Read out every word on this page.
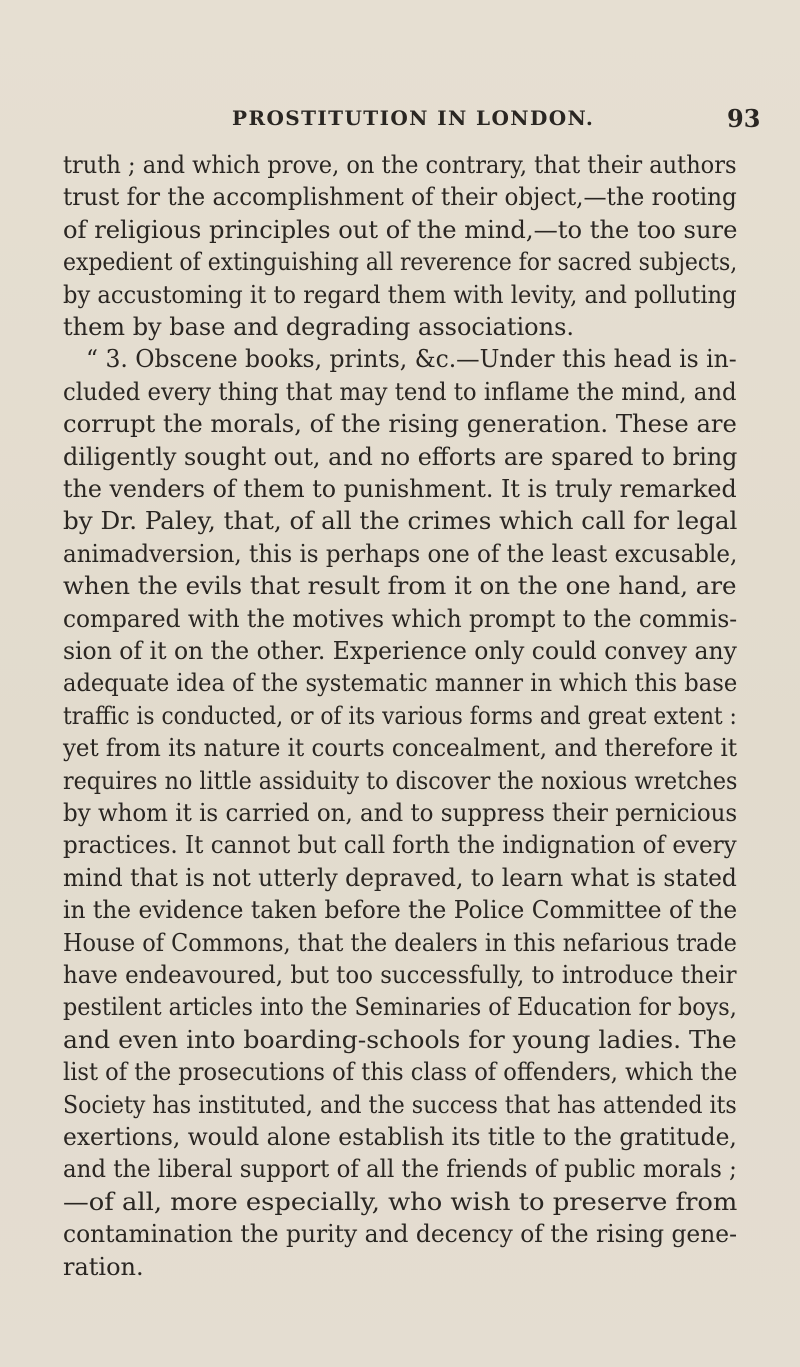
PROSTITUTION IN LONDON.	93
truth ; and which prove, on the contrary, that their authors
trust for the accomplishment of their object,—the rooting
of religious principles out of the mind,—to the too sure
expedient of extinguishing all reverence for sacred subjects,
by accustoming it to regard them with levity, and polluting
them by base and degrading associations.
“ 3. Obscene books, prints, &c.—Under this head is in-
cluded every thing that may tend to inflame the mind, and
corrupt the morals, of the rising generation. These are
diligently sought out, and no efforts are spared to bring
the venders of them to punishment. It is truly remarked
by Dr. Paley, that, of all the crimes which call for legal
animadversion, this is perhaps one of the least excusable,
when the evils that result from it on the one hand, are
compared with the motives which prompt to the commis-
sion of it on the other. Experience only could convey any
adequate idea of the systematic manner in which this base
traffic is conducted, or of its various forms and great extent :
yet from its nature it courts concealment, and therefore it
requires no little assiduity to discover the noxious wretches
by whom it is carried on, and to suppress their pernicious
practices. It cannot but call forth the indignation of every
mind that is not utterly depraved, to learn what is stated
in the evidence taken before the Police Committee of the
House of Commons, that the dealers in this nefarious trade
have endeavoured, but too successfully, to introduce their
pestilent articles into the Seminaries of Education for boys,
and even into boarding-schools for young ladies. The
list of the prosecutions of this class of offenders, which the
Society has instituted, and the success that has attended its
exertions, would alone establish its title to the gratitude,
and the liberal support of all the friends of public morals ;
—of all, more especially, who wish to preserve from
contamination the purity and decency of the rising gene-
ration.
